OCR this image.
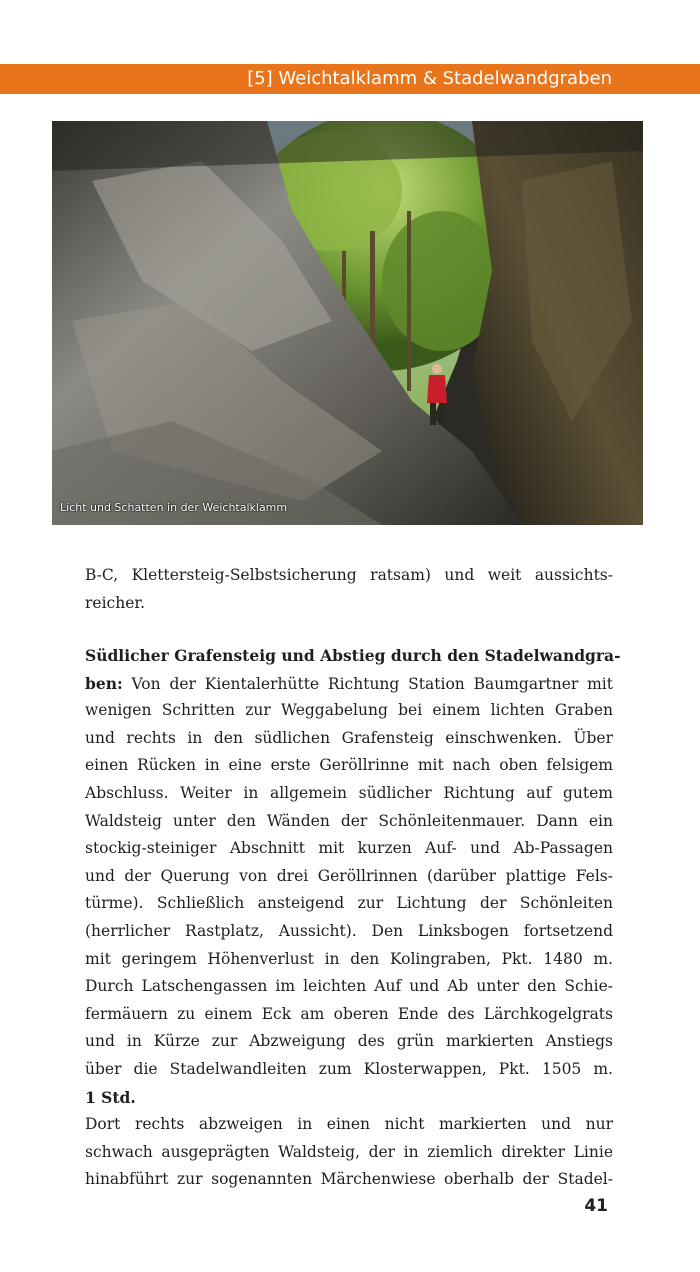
[5] Weichtalklamm & Stadelwandgraben
Licht und Schatten in der Weichtalklamm
B-C, Klettersteig-Selbstsicherung ratsam) und weit aussichts-
reicher.
Südlicher Grafensteig und Abstieg durch den Stadelwandgra-
ben: Von der Kientalerhütte Richtung Station Baumgartner mit
wenigen Schritten zur Weggabelung bei einem lichten Graben
und rechts in den südlichen Grafensteig einschwenken. Über
einen Rücken in eine erste Geröllrinne mit nach oben felsigem
Abschluss. Weiter in allgemein südlicher Richtung auf gutem
Waldsteig unter den Wänden der Schönleitenmauer. Dann ein
stockig-steiniger Abschnitt mit kurzen Auf- und Ab-Passagen
und der Querung von drei Geröllrinnen (darüber plattige Fels-
türme). Schließlich ansteigend zur Lichtung der Schönleiten
(herrlicher Rastplatz, Aussicht). Den Linksbogen fortsetzend
mit geringem Höhenverlust in den Kolingraben, Pkt. 1480 m.
Durch Latschengassen im leichten Auf und Ab unter den Schie-
fermäuern zu einem Eck am oberen Ende des Lärchkogelgrats
und in Kürze zur Abzweigung des grün markierten Anstiegs
über die Stadelwandleiten zum Klosterwappen, Pkt. 1505 m.
1 Std.
Dort rechts abzweigen in einen nicht markierten und nur
schwach ausgeprägten Waldsteig, der in ziemlich direkter Linie
hinabführt zur sogenannten Märchenwiese oberhalb der Stadel-
41
